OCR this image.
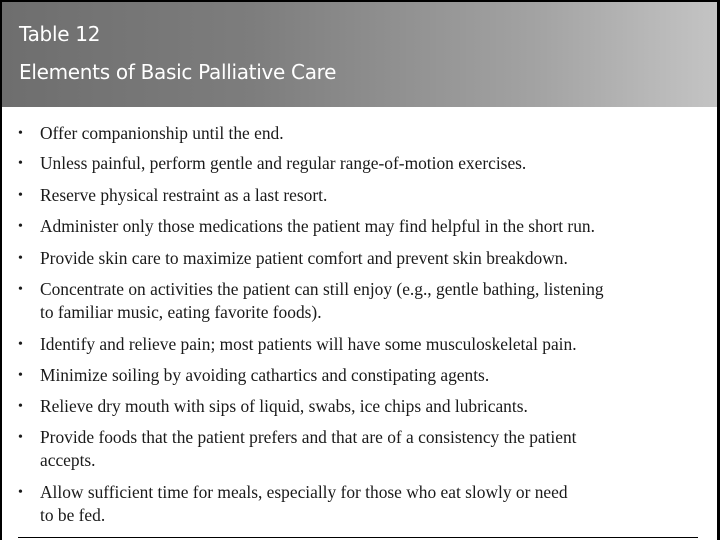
Table 12
Elements of Basic Palliative Care
• Offer companionship until the end.
• Unless painful, perform gentle and regular range-of-motion exercises.
• Reserve physical restraint as a last resort.
• Administer only those medications the patient may find helpful in the short run.
• Provide skin care to maximize patient comfort and prevent skin breakdown.
• Concentrate on activities the patient can still enjoy (e.g., gentle bathing, listening
to familiar music, eating favorite foods).
• Identify and relieve pain; most patients will have some musculoskeletal pain.
• Minimize soiling by avoiding cathartics and constipating agents.
• Relieve dry mouth with sips of liquid, swabs, ice chips and lubricants.
• Provide foods that the patient prefers and that are of a consistency the patient
accepts.
• Allow sufficient time for meals, especially for those who eat slowly or need
to be fed.
